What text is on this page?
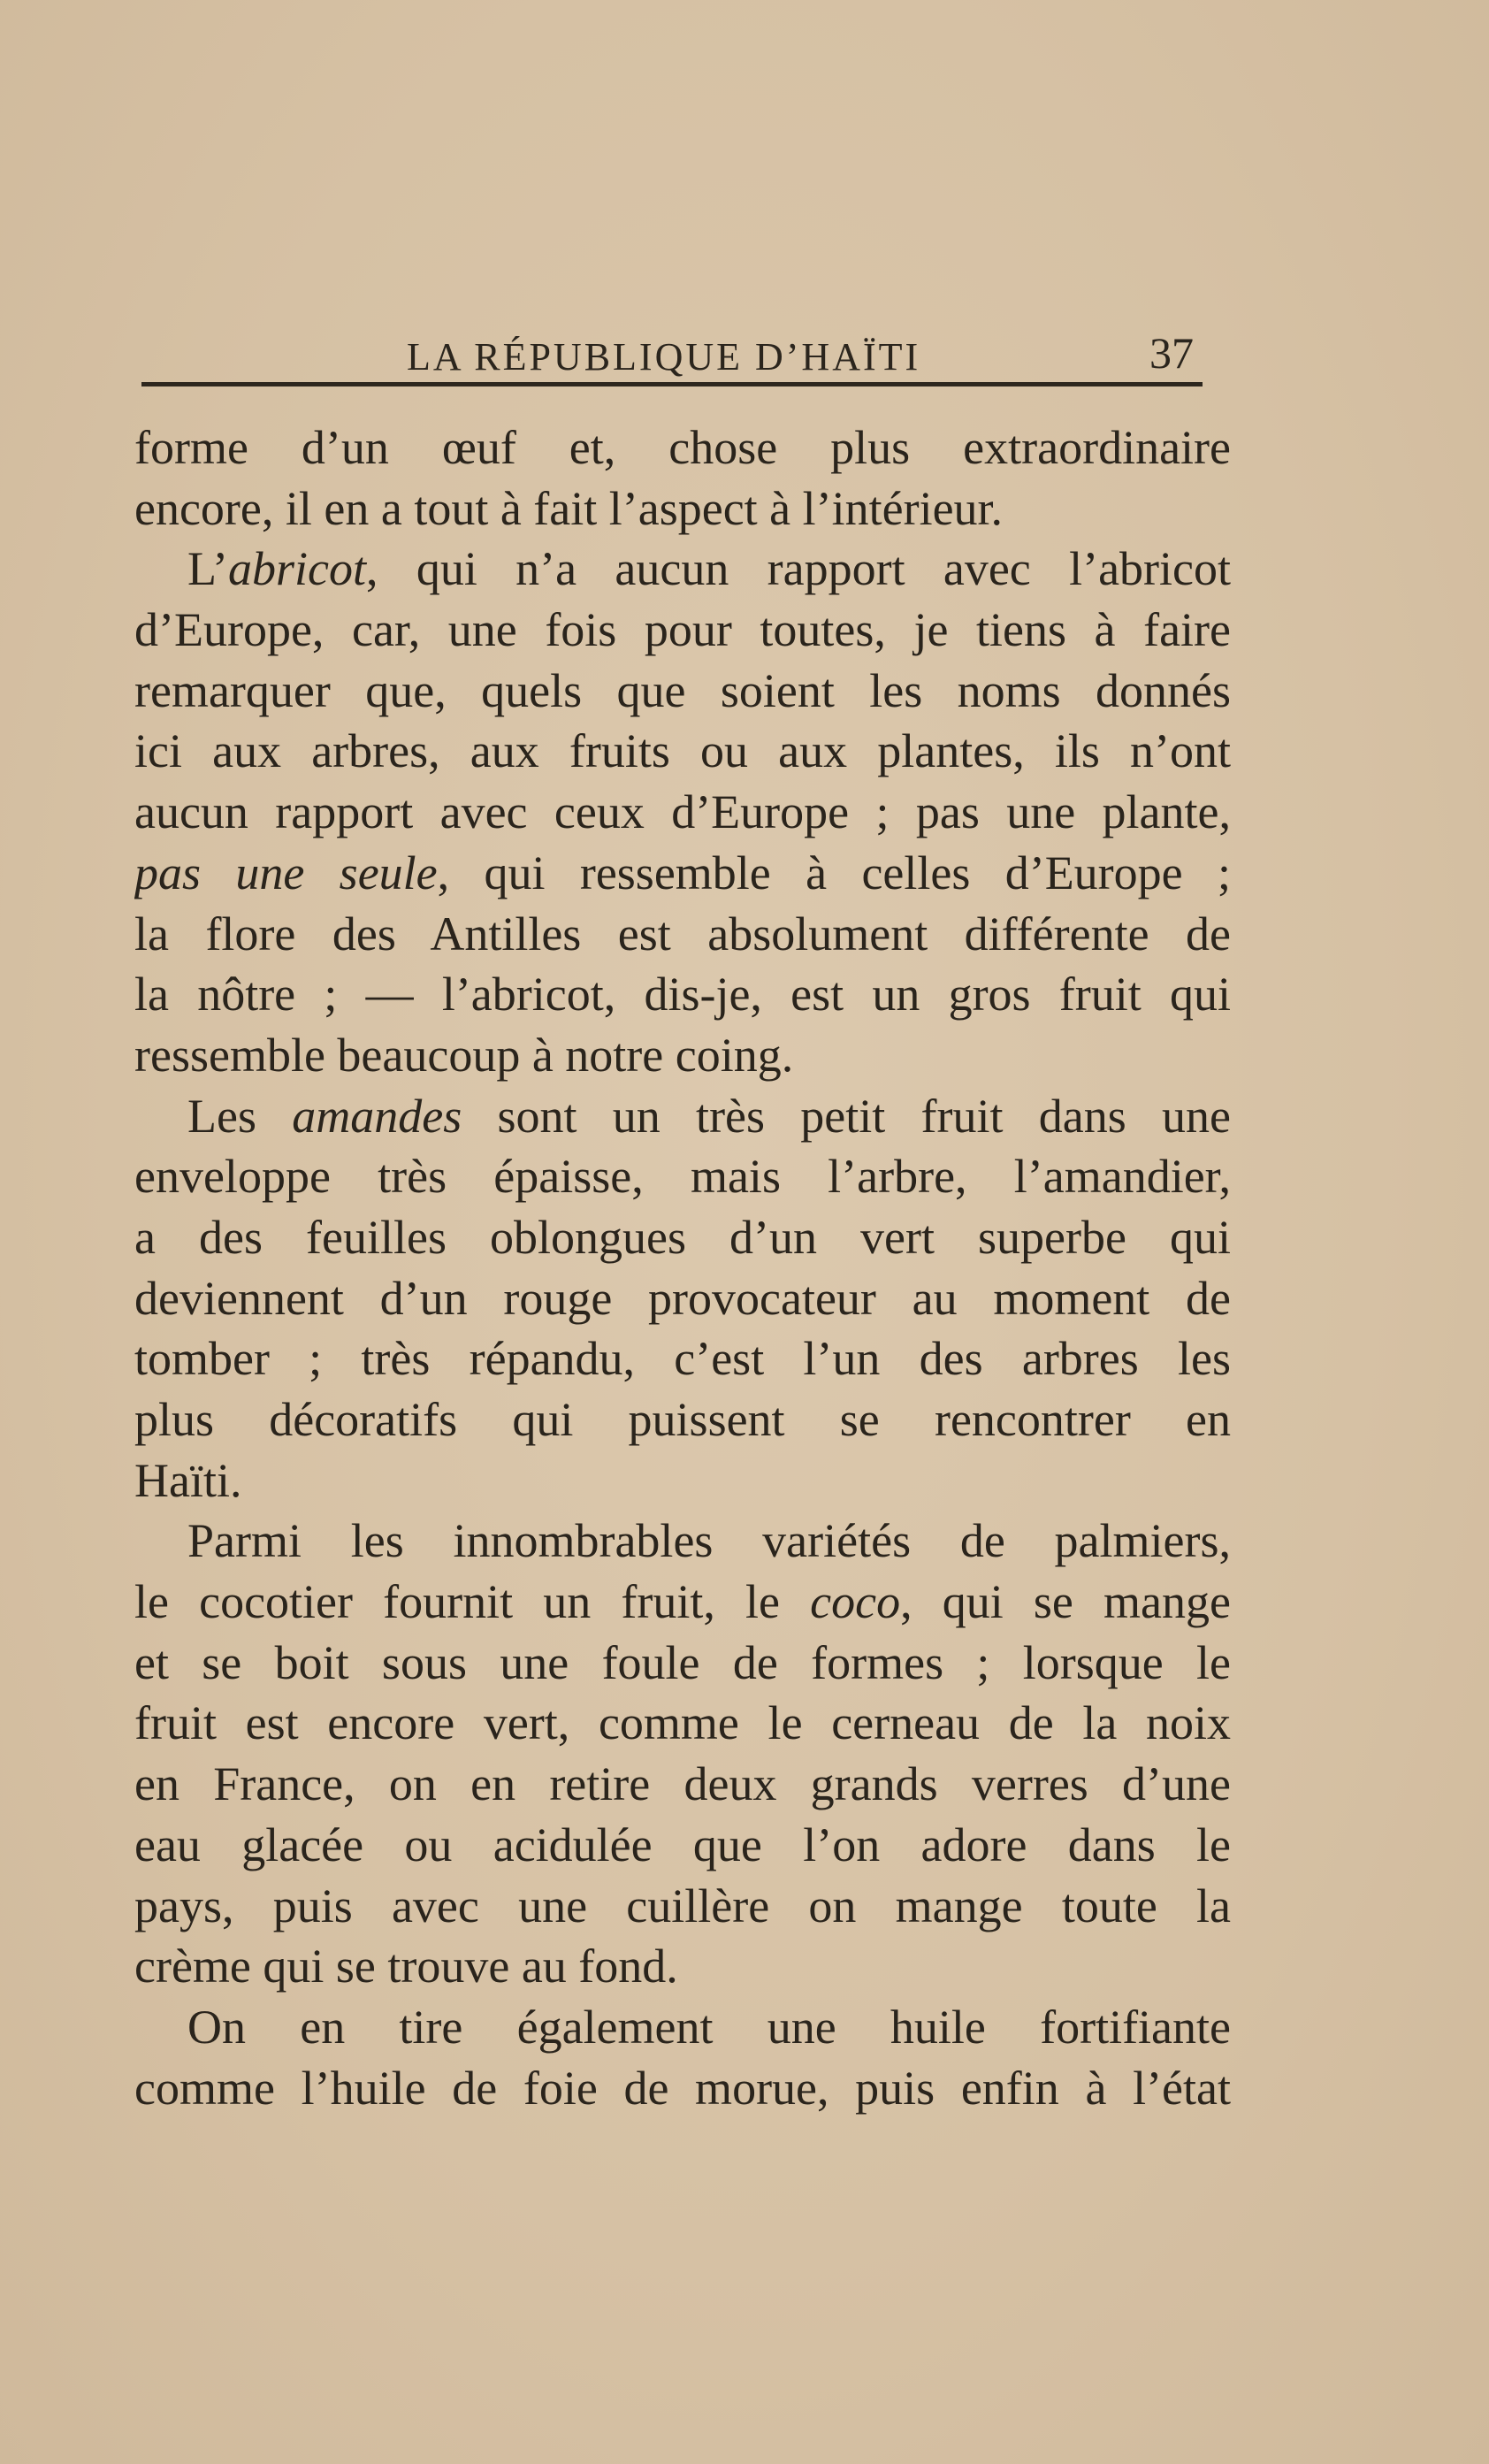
LA RÉPUBLIQUE D’HAÏTI	37
forme d’un œuf et, chose plus extraordinaire
encore, il en a tout à fait l’aspect à l’intérieur.
L’abricot, qui n’a aucun rapport avec l’abricot
d’Europe, car, une fois pour toutes, je tiens à faire
remarquer que, quels que soient les noms donnés
ici aux arbres, aux fruits ou aux plantes, ils n’ont
aucun rapport avec ceux d’Europe ; pas une plante,
pas une seule, qui ressemble à celles d’Europe ;
la flore des Antilles est absolument différente de
la nôtre ; — l’abricot, dis-je, est un gros fruit qui
ressemble beaucoup à notre coing.
Les amandes sont un très petit fruit dans une
enveloppe très épaisse, mais l’arbre, l’amandier,
a des feuilles oblongues d’un vert superbe qui
deviennent d’un rouge provocateur au moment de
tomber ; très répandu, c’est l’un des arbres les
plus décoratifs qui puissent se rencontrer en
Haïti.
Parmi les innombrables variétés de palmiers,
le cocotier fournit un fruit, le coco, qui se mange
et se boit sous une foule de formes ; lorsque le
fruit est encore vert, comme le cerneau de la noix
en France, on en retire deux grands verres d’une
eau glacée ou acidulée que l’on adore dans le
pays, puis avec une cuillère on mange toute la
crème qui se trouve au fond.
On en tire également une huile fortifiante
comme l’huile de foie de morue, puis enfin à l’état
